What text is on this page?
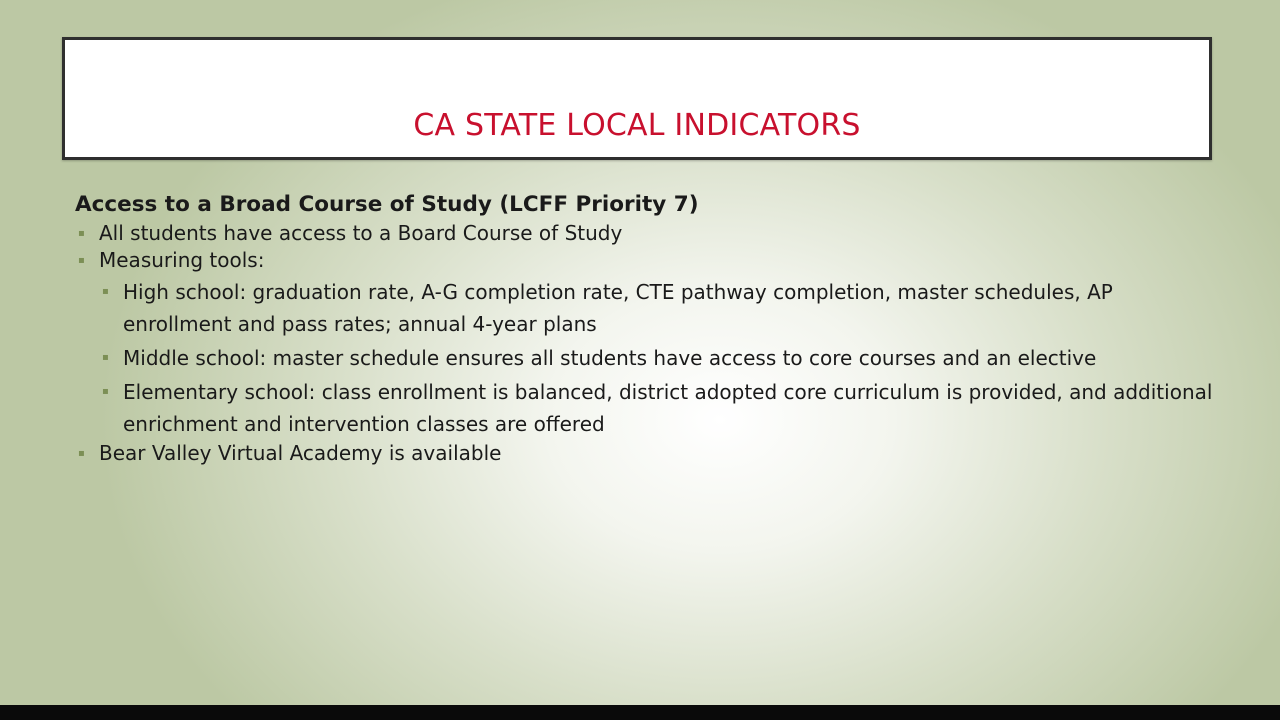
CA STATE LOCAL INDICATORS
Access to a Broad Course of Study (LCFF Priority 7)
▪ All students have access to a Board Course of Study
▪ Measuring tools:
▪ High school: graduation rate, A-G completion rate, CTE pathway completion, master schedules, AP enrollment and pass rates; annual 4-year plans
▪ Middle school: master schedule ensures all students have access to core courses and an elective
▪ Elementary school: class enrollment is balanced, district adopted core curriculum is provided, and additional enrichment and intervention classes are offered
▪ Bear Valley Virtual Academy is available
